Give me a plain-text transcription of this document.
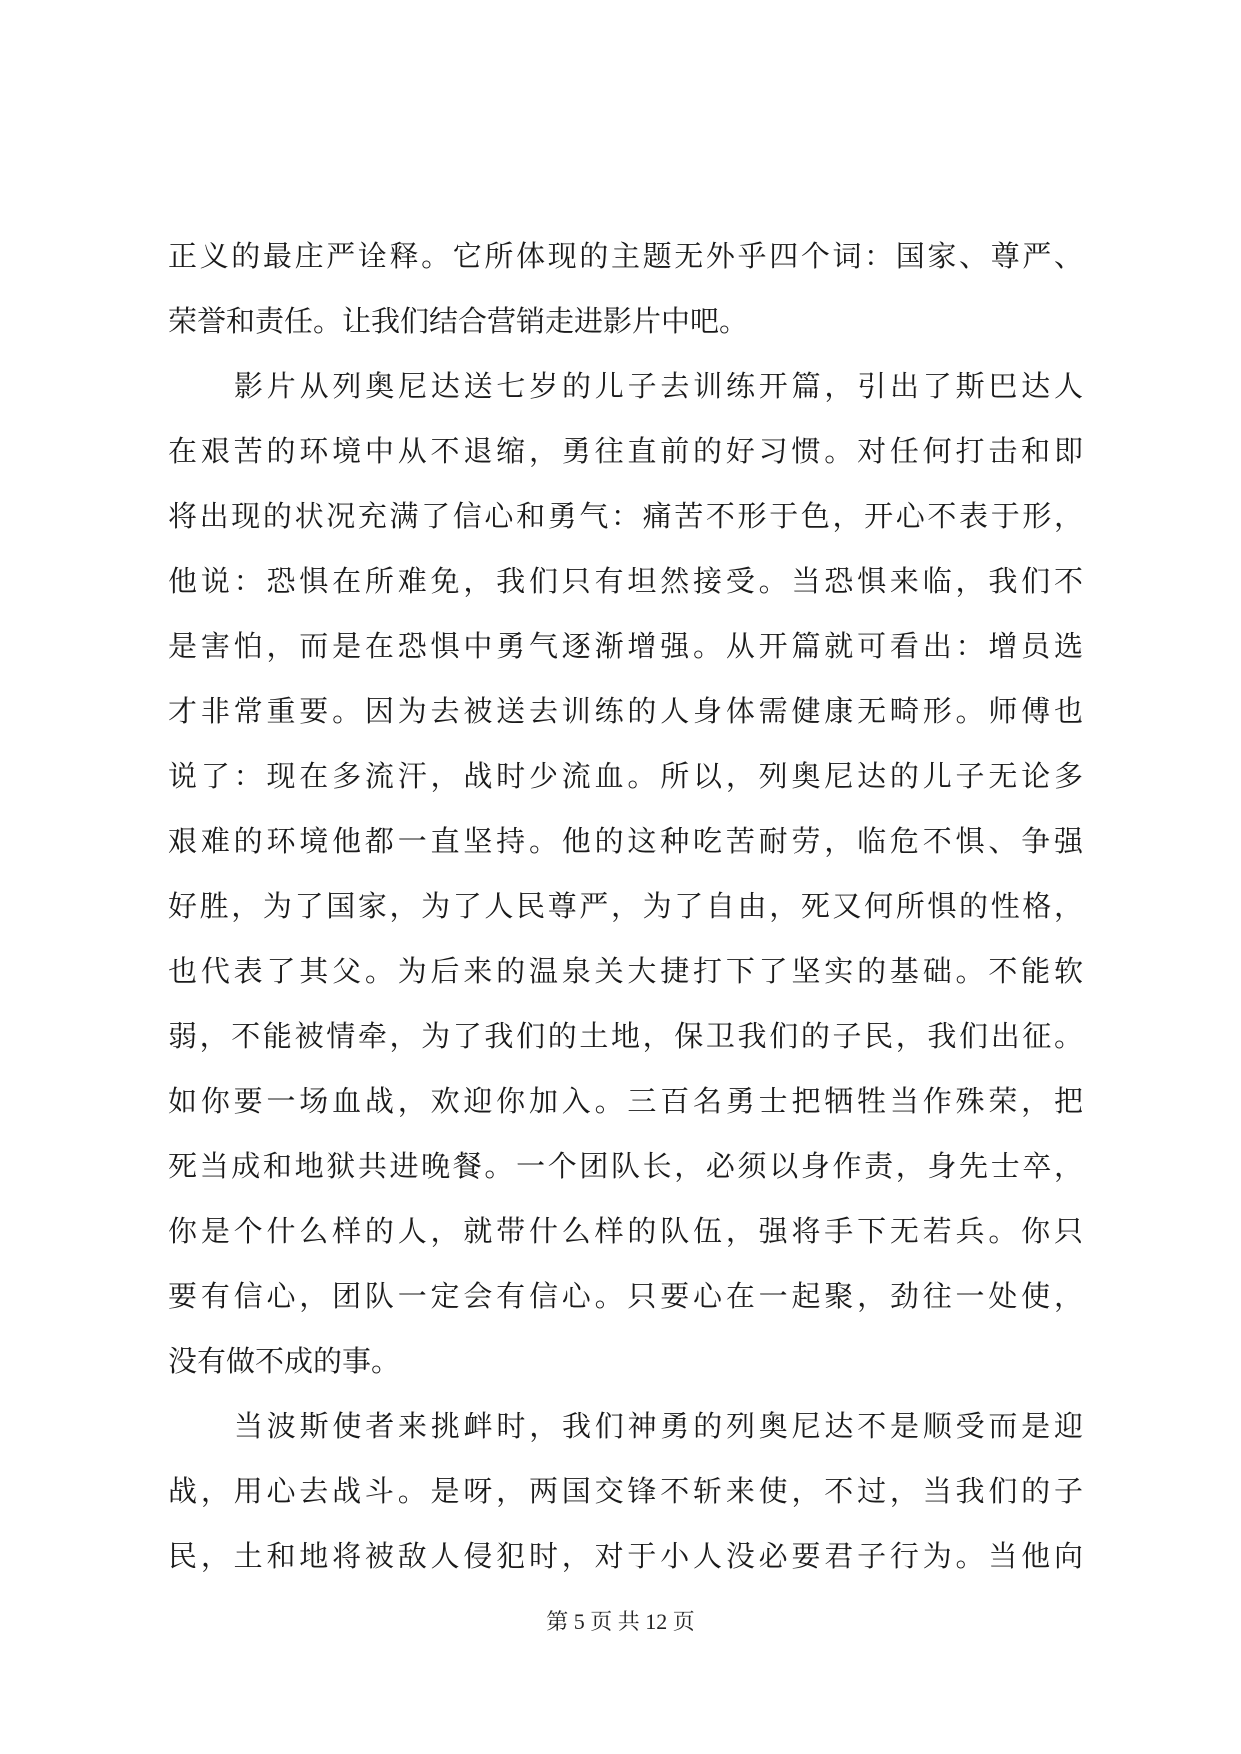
正义的最庄严诠释。它所体现的主题无外乎四个词：国家、尊严、
荣誉和责任。让我们结合营销走进影片中吧。
影片从列奥尼达送七岁的儿子去训练开篇，引出了斯巴达人
在艰苦的环境中从不退缩，勇往直前的好习惯。对任何打击和即
将出现的状况充满了信心和勇气：痛苦不形于色，开心不表于形，
他说：恐惧在所难免，我们只有坦然接受。当恐惧来临，我们不
是害怕，而是在恐惧中勇气逐渐增强。从开篇就可看出：增员选
才非常重要。因为去被送去训练的人身体需健康无畸形。师傅也
说了：现在多流汗，战时少流血。所以，列奥尼达的儿子无论多
艰难的环境他都一直坚持。他的这种吃苦耐劳，临危不惧、争强
好胜，为了国家，为了人民尊严，为了自由，死又何所惧的性格，
也代表了其父。为后来的温泉关大捷打下了坚实的基础。不能软
弱，不能被情牵，为了我们的土地，保卫我们的子民，我们出征。
如你要一场血战，欢迎你加入。三百名勇士把牺牲当作殊荣，把
死当成和地狱共进晚餐。一个团队长，必须以身作责，身先士卒，
你是个什么样的人，就带什么样的队伍，强将手下无若兵。你只
要有信心，团队一定会有信心。只要心在一起聚，劲往一处使，
没有做不成的事。
当波斯使者来挑衅时，我们神勇的列奥尼达不是顺受而是迎
战，用心去战斗。是呀，两国交锋不斩来使，不过，当我们的子
民，土和地将被敌人侵犯时，对于小人没必要君子行为。当他向
第 5 页 共 12 页
